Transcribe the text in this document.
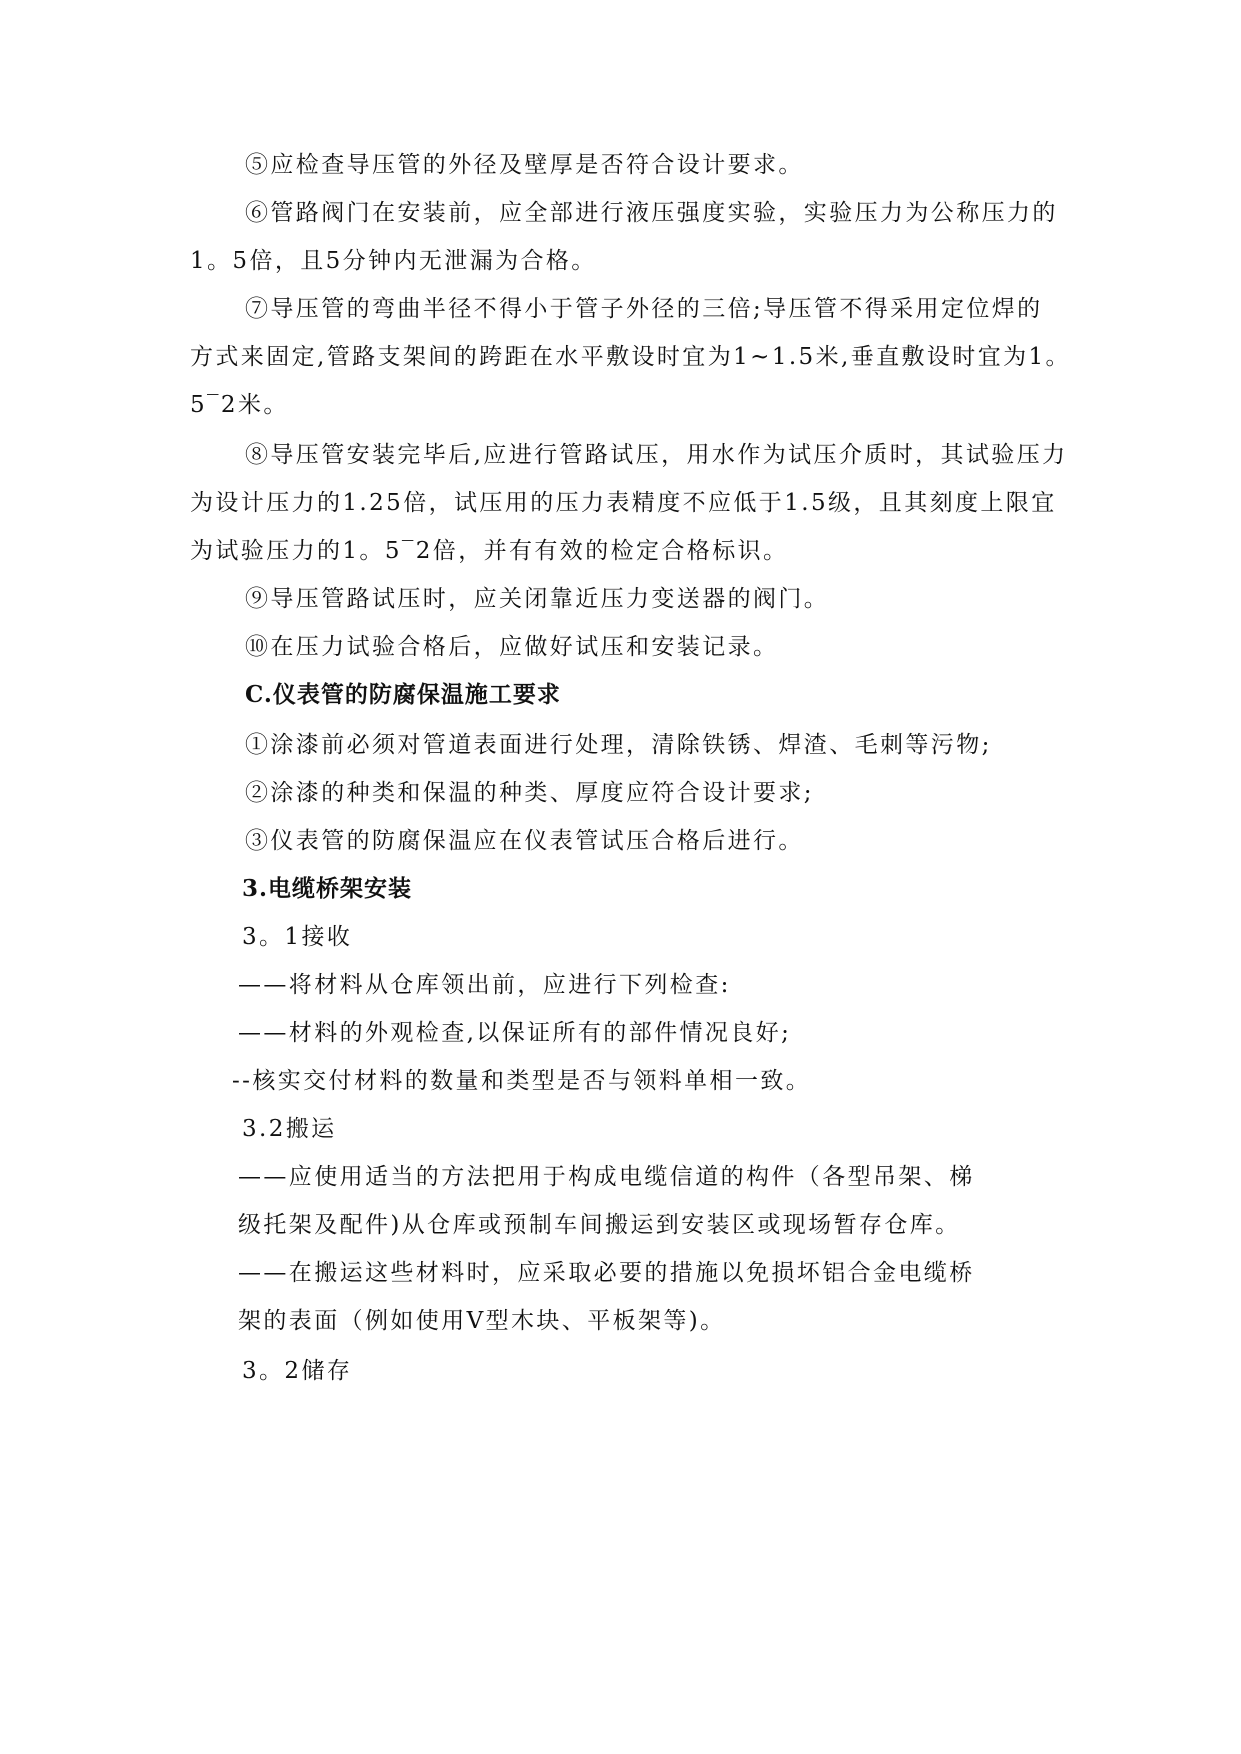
⑤应检查导压管的外径及壁厚是否符合设计要求。
⑥管路阀门在安装前，应全部进行液压强度实验，实验压力为公称压力的
1。5倍，且5分钟内无泄漏为合格。
⑦导压管的弯曲半径不得小于管子外径的三倍;导压管不得采用定位焊的
方式来固定,管路支架间的跨距在水平敷设时宜为1~1.5米,垂直敷设时宜为1。
5‾2米。
⑧导压管安装完毕后,应进行管路试压，用水作为试压介质时，其试验压力
为设计压力的1.25倍，试压用的压力表精度不应低于1.5级，且其刻度上限宜
为试验压力的1。5‾2倍，并有有效的检定合格标识。
⑨导压管路试压时，应关闭靠近压力变送器的阀门。
⑩在压力试验合格后，应做好试压和安装记录。
C.仪表管的防腐保温施工要求
①涂漆前必须对管道表面进行处理，清除铁锈、焊渣、毛刺等污物;
②涂漆的种类和保温的种类、厚度应符合设计要求;
③仪表管的防腐保温应在仪表管试压合格后进行。
3.电缆桥架安装
3。1接收
——将材料从仓库领出前，应进行下列检查:
——材料的外观检查,以保证所有的部件情况良好;
--核实交付材料的数量和类型是否与领料单相一致。
3.2搬运
——应使用适当的方法把用于构成电缆信道的构件（各型吊架、梯
级托架及配件)从仓库或预制车间搬运到安装区或现场暂存仓库。
——在搬运这些材料时，应采取必要的措施以免损坏铝合金电缆桥
架的表面（例如使用V型木块、平板架等)。
3。2储存
